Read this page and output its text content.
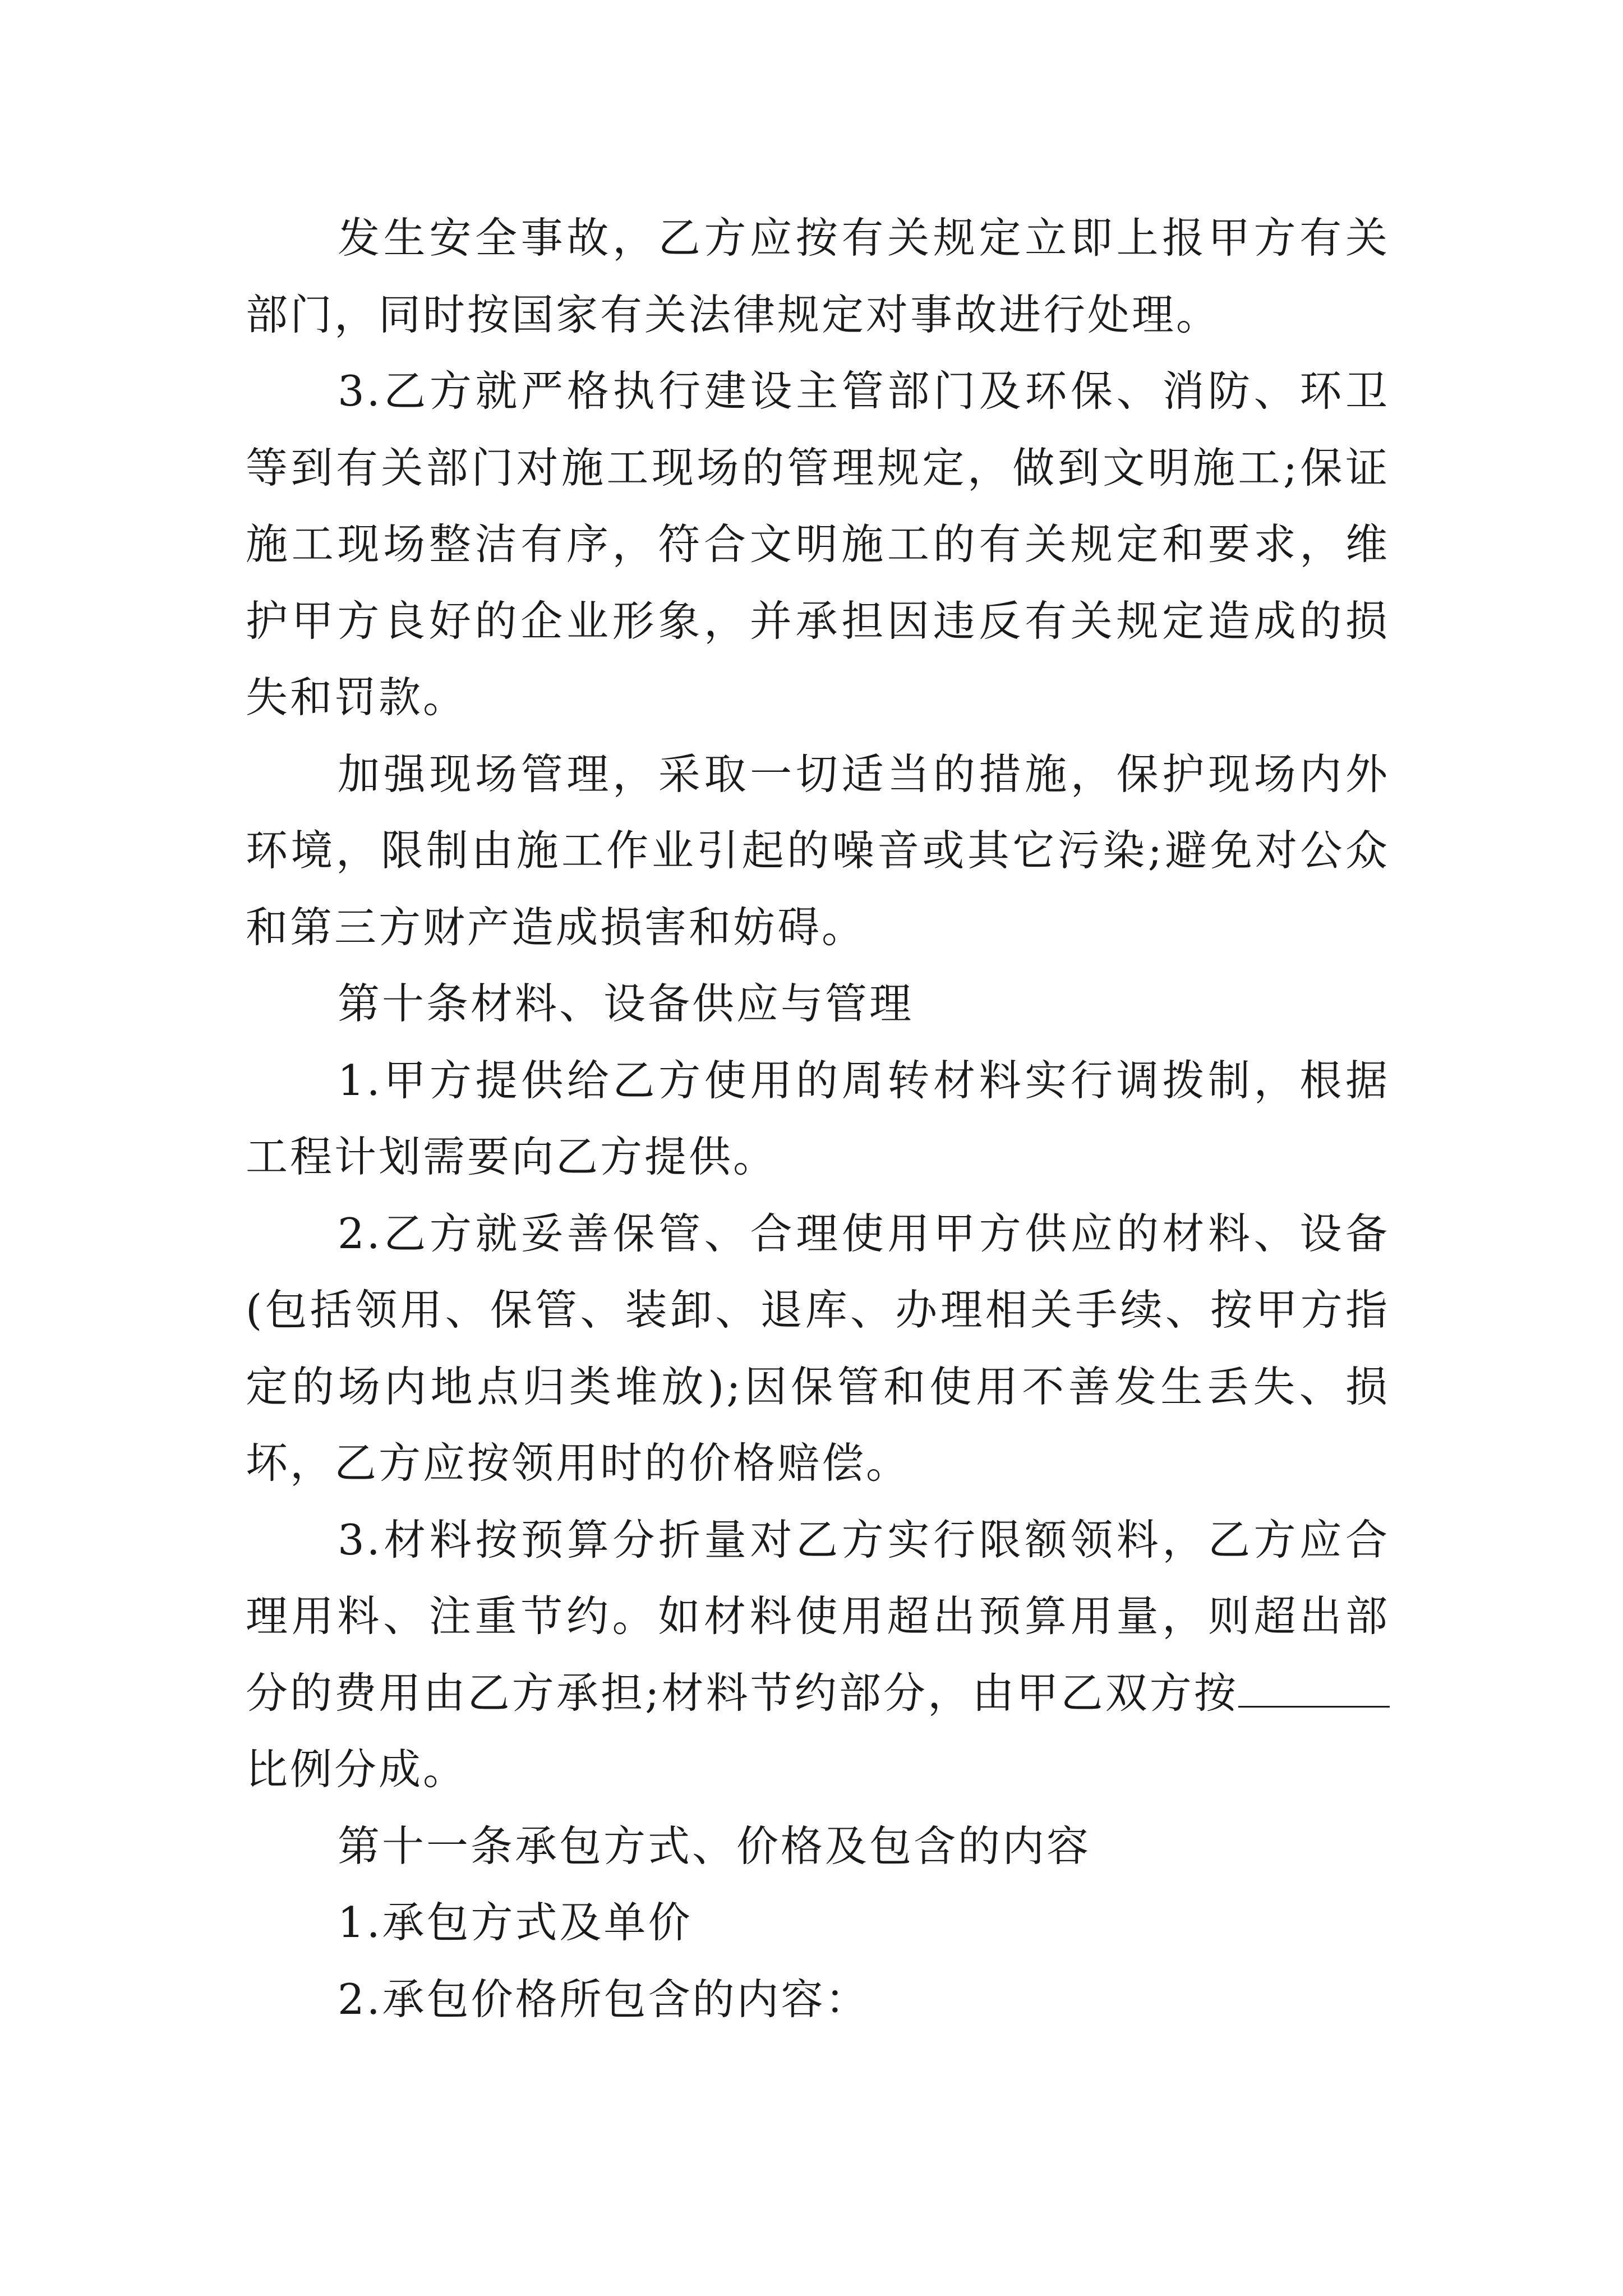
发生安全事故，乙方应按有关规定立即上报甲方有关部门，同时按国家有关法律规定对事故进行处理。

3.乙方就严格执行建设主管部门及环保、消防、环卫等到有关部门对施工现场的管理规定，做到文明施工;保证施工现场整洁有序，符合文明施工的有关规定和要求，维护甲方良好的企业形象，并承担因违反有关规定造成的损失和罚款。

加强现场管理，采取一切适当的措施，保护现场内外环境，限制由施工作业引起的噪音或其它污染;避免对公众和第三方财产造成损害和妨碍。

第十条材料、设备供应与管理

1.甲方提供给乙方使用的周转材料实行调拨制，根据工程计划需要向乙方提供。

2.乙方就妥善保管、合理使用甲方供应的材料、设备(包括领用、保管、装卸、退库、办理相关手续、按甲方指定的场内地点归类堆放);因保管和使用不善发生丢失、损坏，乙方应按领用时的价格赔偿。

3.材料按预算分折量对乙方实行限额领料，乙方应合理用料、注重节约。如材料使用超出预算用量，则超出部分的费用由乙方承担;材料节约部分，由甲乙双方按比例分成。

第十一条承包方式、价格及包含的内容

1.承包方式及单价

2.承包价格所包含的内容：
